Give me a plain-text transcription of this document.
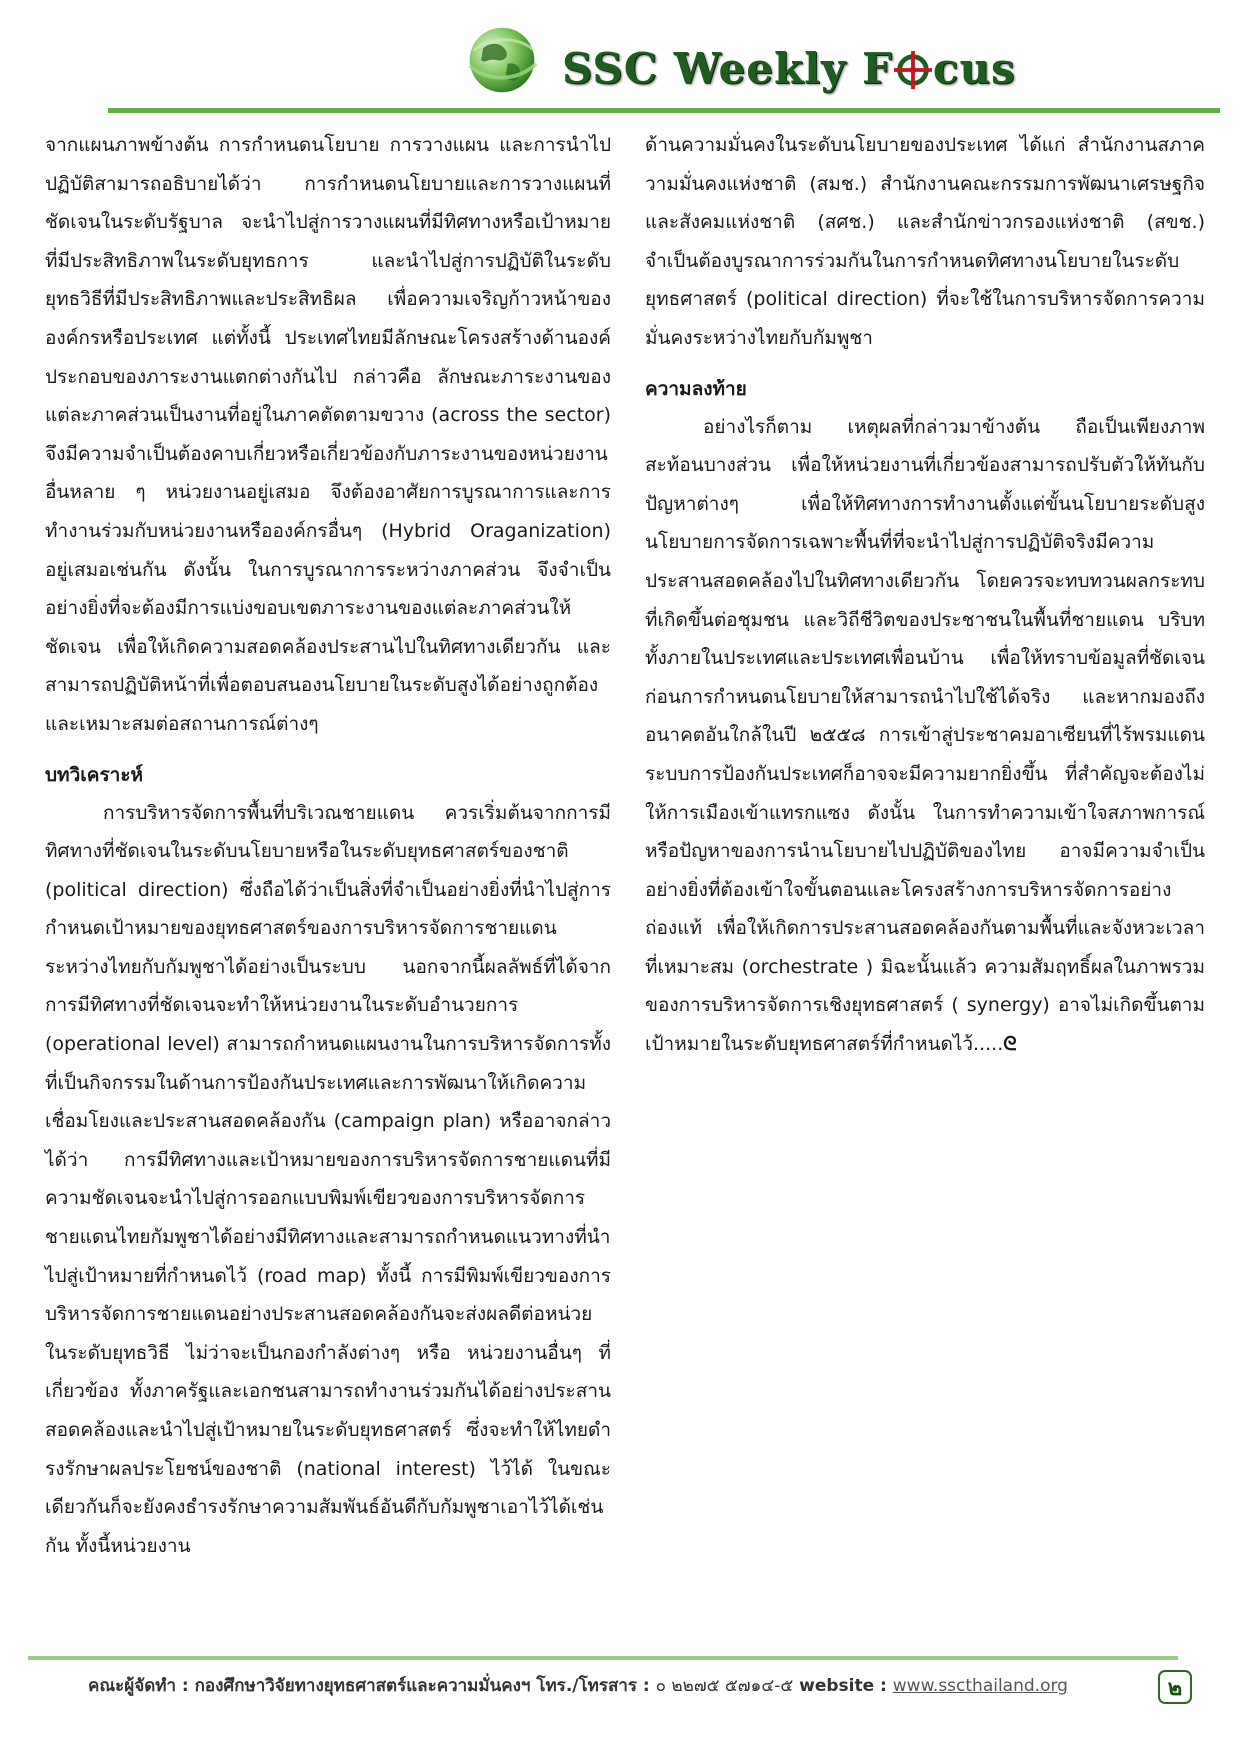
SSC Weekly F cus

จากแผนภาพข้างต้น การกำหนดนโยบาย การวางแผน และการนำไปปฏิบัติสามารถอธิบายได้ว่า การกำหนดนโยบายและการวางแผนที่ชัดเจนในระดับรัฐบาล จะนำไปสู่การวางแผนที่มีทิศทางหรือเป้าหมายที่มีประสิทธิภาพในระดับยุทธการ และนำไปสู่การปฏิบัติในระดับยุทธวิธีที่มีประสิทธิภาพและประสิทธิผล เพื่อความเจริญก้าวหน้าขององค์กรหรือประเทศ แต่ทั้งนี้ ประเทศไทยมีลักษณะโครงสร้างด้านองค์ประกอบของภาระงานแตกต่างกันไป กล่าวคือ ลักษณะภาระงานของแต่ละภาคส่วนเป็นงานที่อยู่ในภาคตัดตามขวาง (across the sector) จึงมีความจำเป็นต้องคาบเกี่ยวหรือเกี่ยวข้องกับภาระงานของหน่วยงานอื่นหลาย ๆ หน่วยงานอยู่เสมอ จึงต้องอาศัยการบูรณาการและการทำงานร่วมกับหน่วยงานหรือองค์กรอื่นๆ (Hybrid Oraganization) อยู่เสมอเช่นกัน ดังนั้น ในการบูรณาการระหว่างภาคส่วน จึงจำเป็นอย่างยิ่งที่จะต้องมีการแบ่งขอบเขตภาระงานของแต่ละภาคส่วนให้ชัดเจน เพื่อให้เกิดความสอดคล้องประสานไปในทิศทางเดียวกัน และสามารถปฏิบัติหน้าที่เพื่อตอบสนองนโยบายในระดับสูงได้อย่างถูกต้องและเหมาะสมต่อสถานการณ์ต่างๆ

บทวิเคราะห์

การบริหารจัดการพื้นที่บริเวณชายแดน ควรเริ่มต้นจากการมีทิศทางที่ชัดเจนในระดับนโยบายหรือในระดับยุทธศาสตร์ของชาติ (political direction) ซึ่งถือได้ว่าเป็นสิ่งที่จำเป็นอย่างยิ่งที่นำไปสู่การกำหนดเป้าหมายของยุทธศาสตร์ของการบริหารจัดการชายแดนระหว่างไทยกับกัมพูชาได้อย่างเป็นระบบ นอกจากนี้ผลลัพธ์ที่ได้จากการมีทิศทางที่ชัดเจนจะทำให้หน่วยงานในระดับอำนวยการ (operational level) สามารถกำหนดแผนงานในการบริหารจัดการทั้งที่เป็นกิจกรรมในด้านการป้องกันประเทศและการพัฒนาให้เกิดความเชื่อมโยงและประสานสอดคล้องกัน (campaign plan) หรืออาจกล่าวได้ว่า การมีทิศทางและเป้าหมายของการบริหารจัดการชายแดนที่มีความชัดเจนจะนำไปสู่การออกแบบพิมพ์เขียวของการบริหารจัดการชายแดนไทยกัมพูชาได้อย่างมีทิศทางและสามารถกำหนดแนวทางที่นำไปสู่เป้าหมายที่กำหนดไว้ (road map) ทั้งนี้ การมีพิมพ์เขียวของการบริหารจัดการชายแดนอย่างประสานสอดคล้องกันจะส่งผลดีต่อหน่วยในระดับยุทธวิธี ไม่ว่าจะเป็นกองกำลังต่างๆ หรือ หน่วยงานอื่นๆ ที่เกี่ยวข้อง ทั้งภาครัฐและเอกชนสามารถทำงานร่วมกันได้อย่างประสานสอดคล้องและนำไปสู่เป้าหมายในระดับยุทธศาสตร์ ซึ่งจะทำให้ไทยดำรงรักษาผลประโยชน์ของชาติ (national interest) ไว้ได้ ในขณะเดียวกันก็จะยังคงธำรงรักษาความสัมพันธ์อันดีกับกัมพูชาเอาไว้ได้เช่นกัน ทั้งนี้หน่วยงาน

ด้านความมั่นคงในระดับนโยบายของประเทศ ได้แก่ สำนักงานสภาความมั่นคงแห่งชาติ (สมช.) สำนักงานคณะกรรมการพัฒนาเศรษฐกิจและสังคมแห่งชาติ (สศช.) และสำนักข่าวกรองแห่งชาติ (สขช.) จำเป็นต้องบูรณาการร่วมกันในการกำหนดทิศทางนโยบายในระดับยุทธศาสตร์ (political direction) ที่จะใช้ในการบริหารจัดการความมั่นคงระหว่างไทยกับกัมพูชา

ความลงท้าย

อย่างไรก็ตาม เหตุผลที่กล่าวมาข้างต้น ถือเป็นเพียงภาพสะท้อนบางส่วน เพื่อให้หน่วยงานที่เกี่ยวข้องสามารถปรับตัวให้ทันกับปัญหาต่างๆ เพื่อให้ทิศทางการทำงานตั้งแต่ขั้นนโยบายระดับสูง นโยบายการจัดการเฉพาะพื้นที่ที่จะนำไปสู่การปฏิบัติจริงมีความประสานสอดคล้องไปในทิศทางเดียวกัน โดยควรจะทบทวนผลกระทบที่เกิดขึ้นต่อชุมชน และวิถีชีวิตของประชาชนในพื้นที่ชายแดน บริบททั้งภายในประเทศและประเทศเพื่อนบ้าน เพื่อให้ทราบข้อมูลที่ชัดเจนก่อนการกำหนดนโยบายให้สามารถนำไปใช้ได้จริง และหากมองถึงอนาคตอันใกล้ในปี ๒๕๕๘ การเข้าสู่ประชาคมอาเซียนที่ไร้พรมแดน ระบบการป้องกันประเทศก็อาจจะมีความยากยิ่งขึ้น ที่สำคัญจะต้องไม่ให้การเมืองเข้าแทรกแซง ดังนั้น ในการทำความเข้าใจสภาพการณ์หรือปัญหาของการนำนโยบายไปปฏิบัติของไทย อาจมีความจำเป็นอย่างยิ่งที่ต้องเข้าใจขั้นตอนและโครงสร้างการบริหารจัดการอย่างถ่องแท้ เพื่อให้เกิดการประสานสอดคล้องกันตามพื้นที่และจังหวะเวลาที่เหมาะสม (orchestrate ) มิฉะนั้นแล้ว ความสัมฤทธิ์ผลในภาพรวมของการบริหารจัดการเชิงยุทธศาสตร์ ( synergy) อาจไม่เกิดขึ้นตามเป้าหมายในระดับยุทธศาสตร์ที่กำหนดไว้.....ᘓ

คณะผู้จัดทำ : กองศึกษาวิจัยทางยุทธศาสตร์และความมั่นคงฯ โทร./โทรสาร : ๐ ๒๒๗๕ ๕๗๑๔-๕ website : www.sscthailand.org	๒
